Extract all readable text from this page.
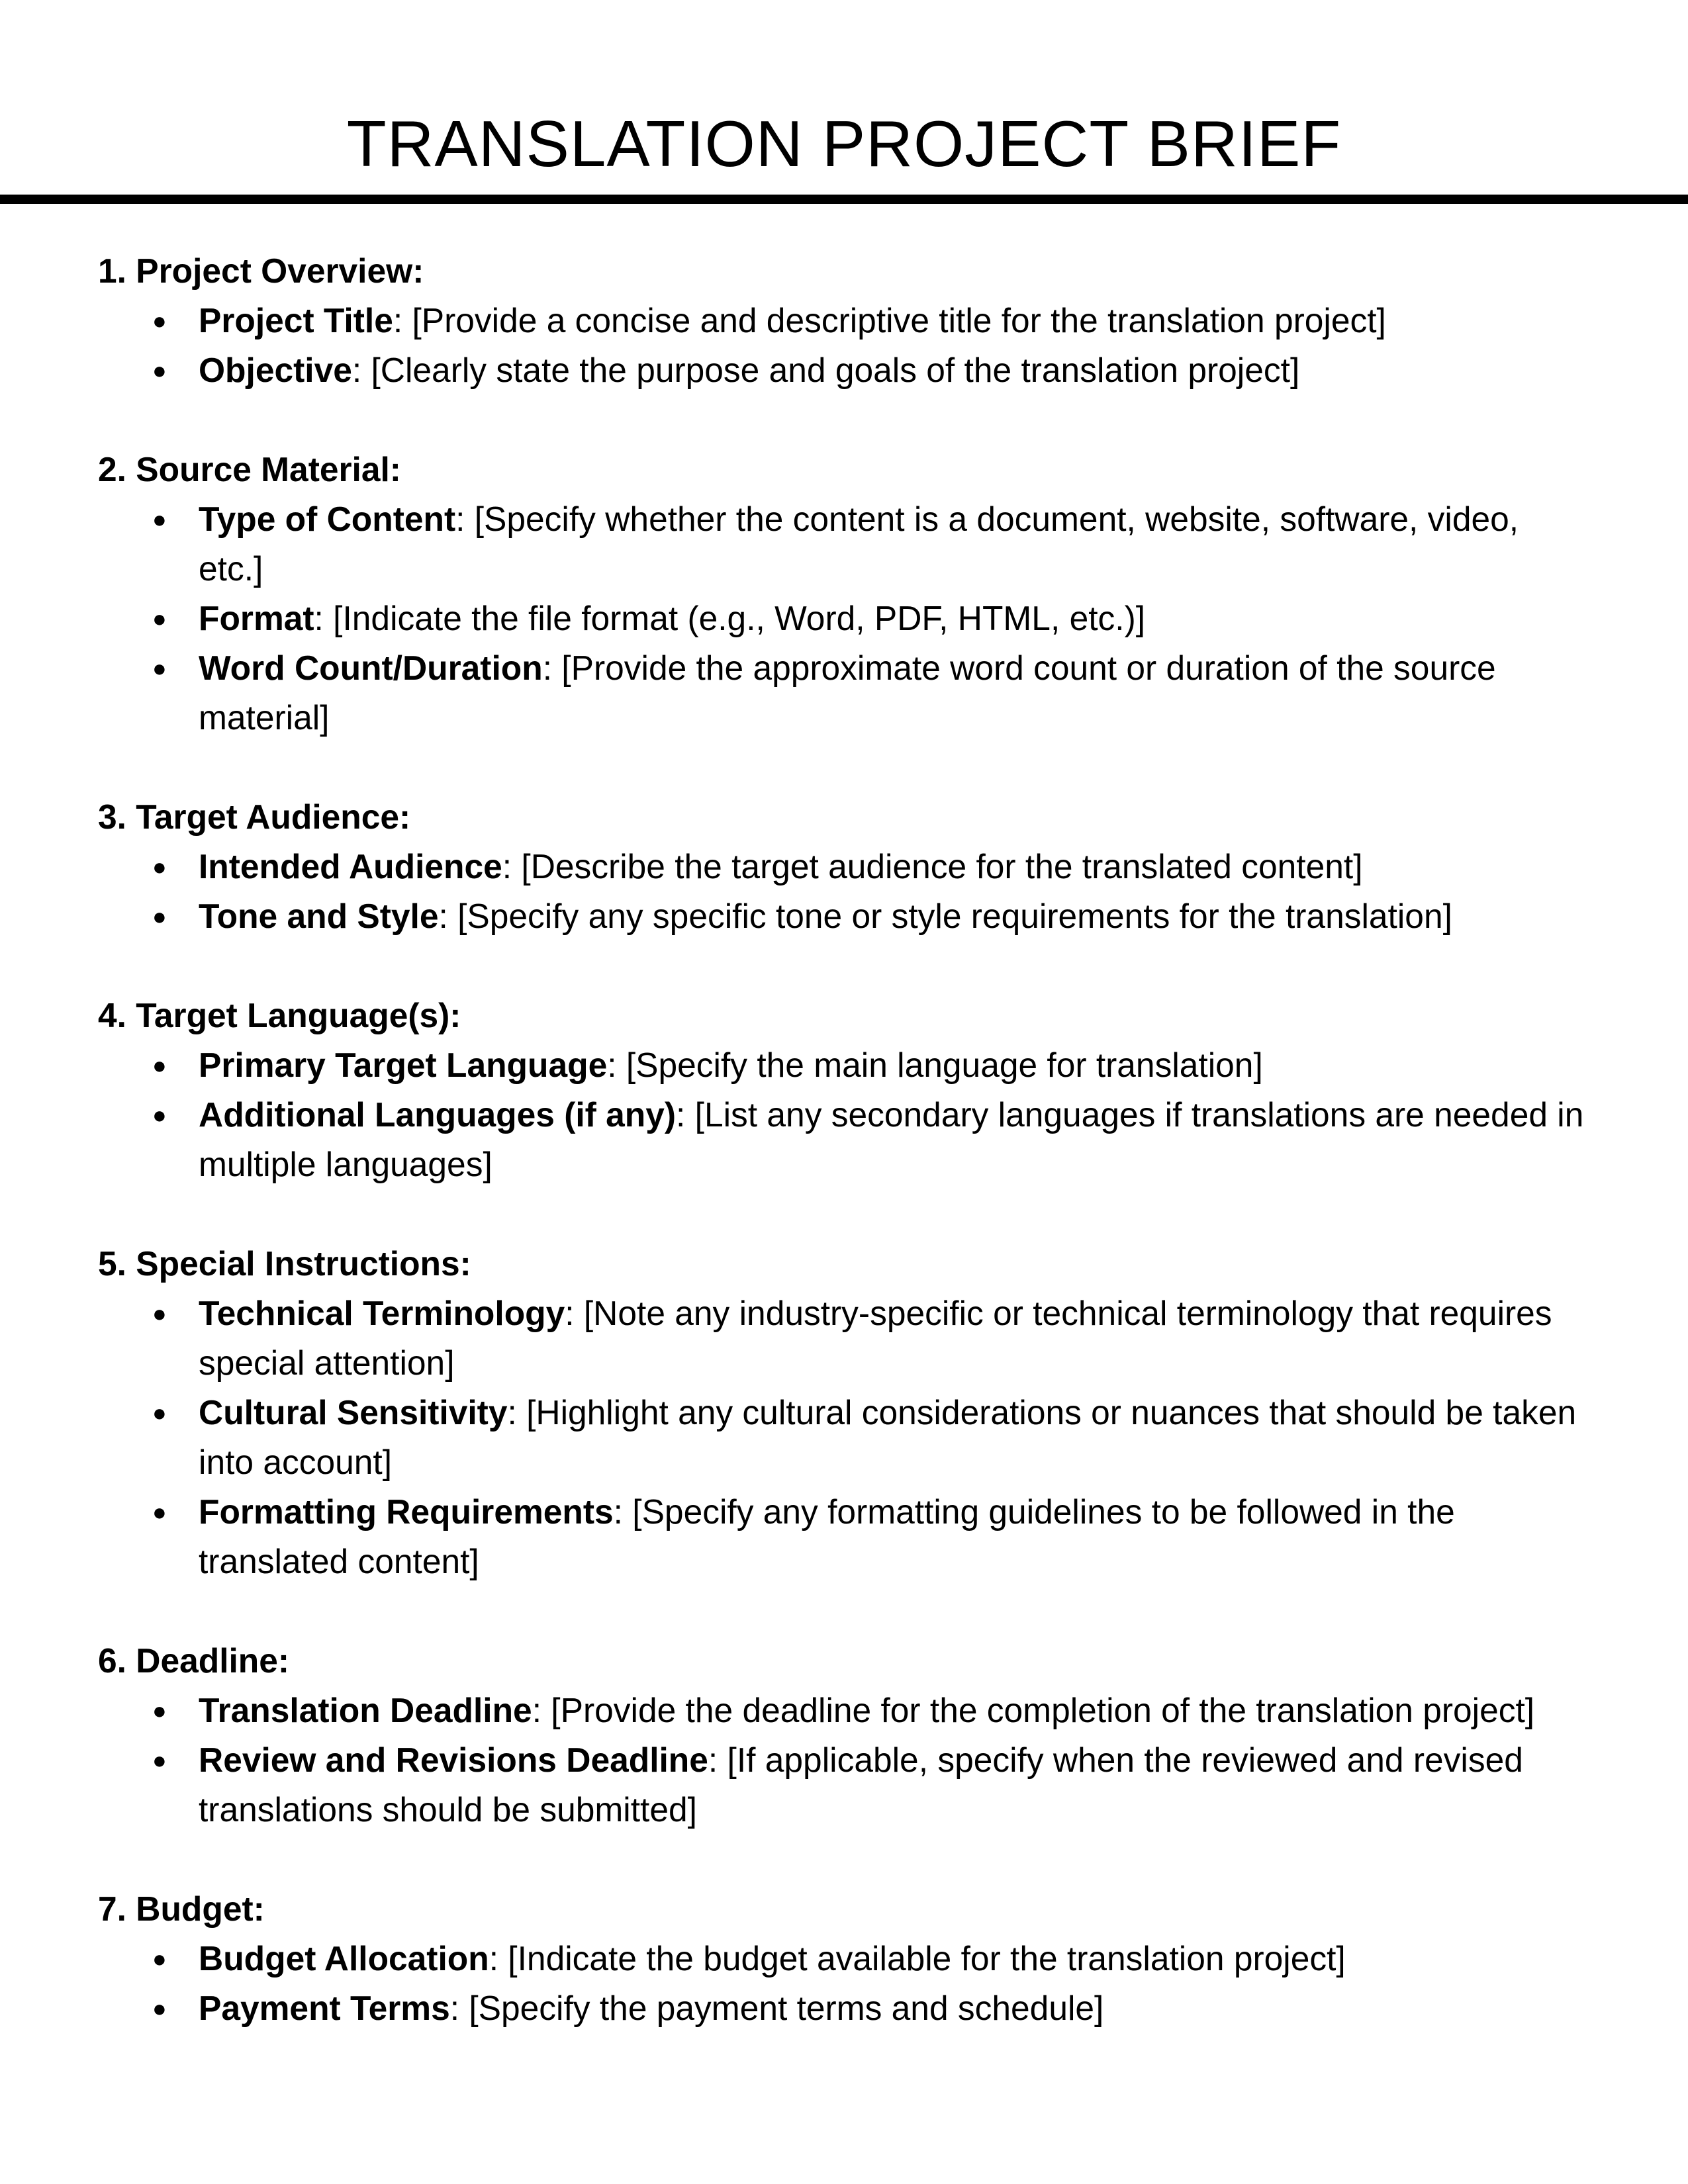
TRANSLATION PROJECT BRIEF

1. Project Overview:

● Project Title: [Provide a concise and descriptive title for the translation project]
● Objective: [Clearly state the purpose and goals of the translation project]

2. Source Material:

● Type of Content: [Specify whether the content is a document, website, software, video, etc.]
● Format: [Indicate the file format (e.g., Word, PDF, HTML, etc.)]
● Word Count/Duration: [Provide the approximate word count or duration of the source material]

3. Target Audience:

● Intended Audience: [Describe the target audience for the translated content]
● Tone and Style: [Specify any specific tone or style requirements for the translation]

4. Target Language(s):

● Primary Target Language: [Specify the main language for translation]
● Additional Languages (if any): [List any secondary languages if translations are needed in multiple languages]

5. Special Instructions:

● Technical Terminology: [Note any industry-specific or technical terminology that requires special attention]
● Cultural Sensitivity: [Highlight any cultural considerations or nuances that should be taken into account]
● Formatting Requirements: [Specify any formatting guidelines to be followed in the translated content]

6. Deadline:

● Translation Deadline: [Provide the deadline for the completion of the translation project]
● Review and Revisions Deadline: [If applicable, specify when the reviewed and revised translations should be submitted]

7. Budget:

● Budget Allocation: [Indicate the budget available for the translation project]
● Payment Terms: [Specify the payment terms and schedule]
